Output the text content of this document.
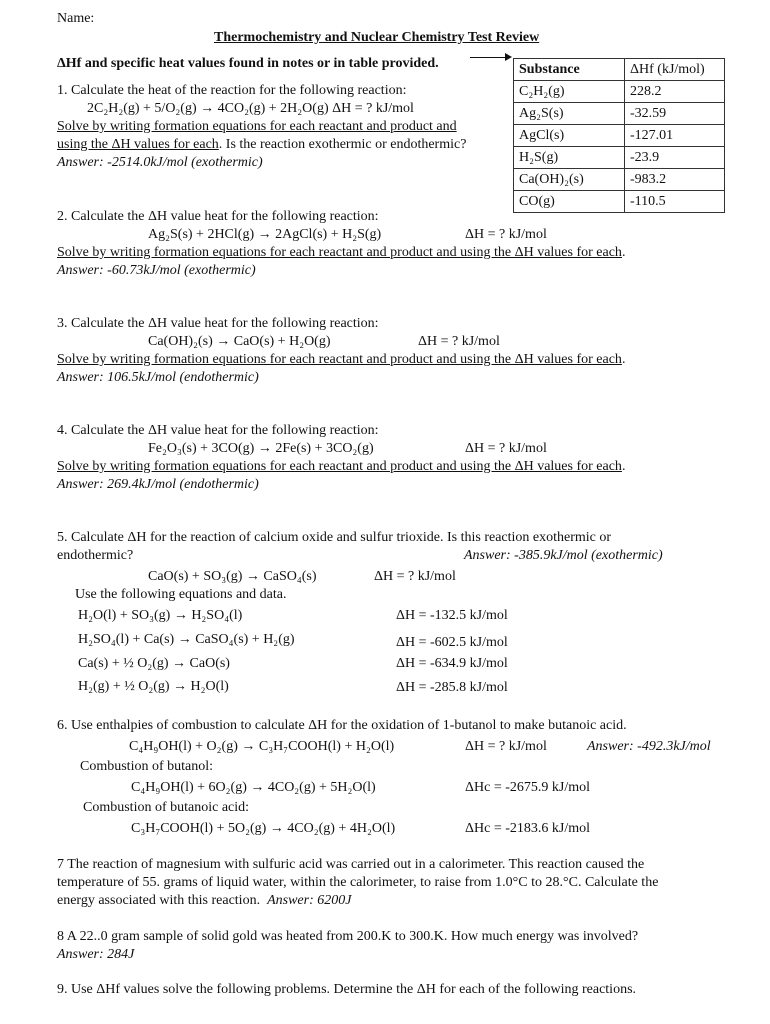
Name:
Thermochemistry and Nuclear Chemistry Test Review
ΔHf and specific heat values found in notes or in table provided.	Substance	ΔHf (kJ/mol)
C₂H₂(g)	228.2
Ag₂S(s)	-32.59
AgCl(s)	-127.01
H₂S(g)	-23.9
Ca(OH)₂(s)	-983.2
CO(g)	-110.5
1. Calculate the heat of the reaction for the following reaction:
2C₂H₂(g) + 5/O₂(g) → 4CO₂(g) + 2H₂O(g) ΔH = ? kJ/mol
Solve by writing formation equations for each reactant and product and
using the ΔH values for each. Is the reaction exothermic or endothermic?
Answer: -2514.0kJ/mol (exothermic)
2. Calculate the ΔH value heat for the following reaction:
Ag₂S(s) + 2HCl(g) → 2AgCl(s) + H₂S(g)	ΔH = ? kJ/mol
Solve by writing formation equations for each reactant and product and using the ΔH values for each.
Answer: -60.73kJ/mol (exothermic)
3. Calculate the ΔH value heat for the following reaction:
Ca(OH)₂(s) → CaO(s) + H₂O(g)	ΔH = ? kJ/mol
Solve by writing formation equations for each reactant and product and using the ΔH values for each.
Answer: 106.5kJ/mol (endothermic)
4. Calculate the ΔH value heat for the following reaction:
Fe₂O₃(s) + 3CO(g) → 2Fe(s) + 3CO₂(g)	ΔH = ? kJ/mol
Solve by writing formation equations for each reactant and product and using the ΔH values for each.
Answer: 269.4kJ/mol (endothermic)
5. Calculate ΔH for the reaction of calcium oxide and sulfur trioxide. Is this reaction exothermic or
endothermic?	Answer: -385.9kJ/mol (exothermic)
CaO(s) + SO₃(g) → CaSO₄(s)	ΔH = ? kJ/mol
Use the following equations and data.
H₂O(l) + SO₃(g) → H₂SO₄(l)	ΔH = -132.5 kJ/mol
H₂SO₄(l) + Ca(s) → CaSO₄(s) + H₂(g)	ΔH = -602.5 kJ/mol
Ca(s) + ½ O₂(g) → CaO(s)	ΔH = -634.9 kJ/mol
H₂(g) + ½ O₂(g) → H₂O(l)	ΔH = -285.8 kJ/mol
6. Use enthalpies of combustion to calculate ΔH for the oxidation of 1-butanol to make butanoic acid.
C₄H₉OH(l) + O₂(g) → C₃H₇COOH(l) + H₂O(l)	ΔH = ? kJ/mol	Answer: -492.3kJ/mol
Combustion of butanol:
C₄H₉OH(l) + 6O₂(g) → 4CO₂(g) + 5H₂O(l)	ΔHc = -2675.9 kJ/mol
Combustion of butanoic acid:
C₃H₇COOH(l) + 5O₂(g) → 4CO₂(g) + 4H₂O(l)	ΔHc = -2183.6 kJ/mol
7 The reaction of magnesium with sulfuric acid was carried out in a calorimeter. This reaction caused the
temperature of 55. grams of liquid water, within the calorimeter, to raise from 1.0°C to 28.°C. Calculate the
energy associated with this reaction. Answer: 6200J
8 A 22..0 gram sample of solid gold was heated from 200.K to 300.K. How much energy was involved?
Answer: 284J
9. Use ΔHf values solve the following problems. Determine the ΔH for each of the following reactions.
